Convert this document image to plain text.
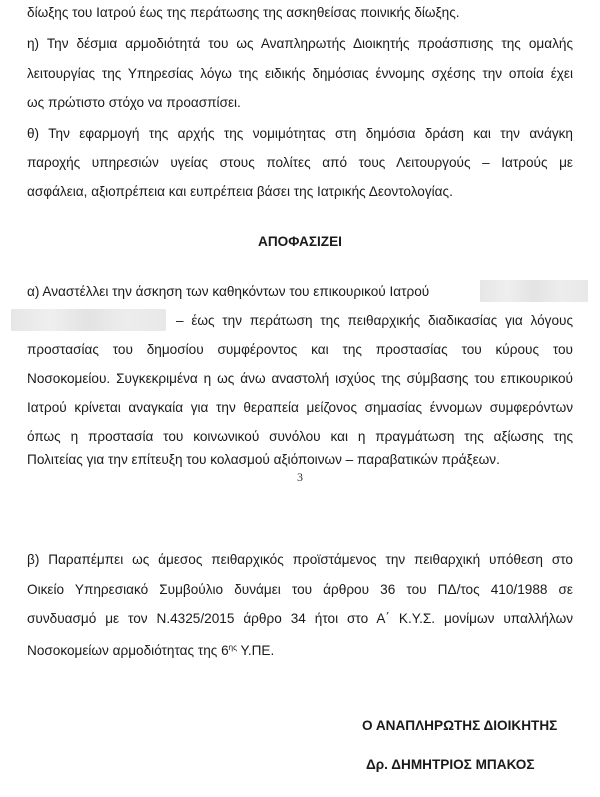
δίωξης του Ιατρού έως της περάτωσης της ασκηθείσας ποινικής δίωξης.
η) Την δέσμια αρμοδιότητά του ως Αναπληρωτής Διοικητής προάσπισης της ομαλής
λειτουργίας της Υπηρεσίας λόγω της ειδικής δημόσιας έννομης σχέσης την οποία έχει
ως πρώτιστο στόχο να προασπίσει.
θ) Την εφαρμογή της αρχής της νομιμότητας στη δημόσια δράση και την ανάγκη
παροχής υπηρεσιών υγείας στους πολίτες από τους Λειτουργούς – Ιατρούς με
ασφάλεια, αξιοπρέπεια και ευπρέπεια βάσει της Ιατρικής Δεοντολογίας.
ΑΠΟΦΑΣΙΖΕΙ
α) Αναστέλλει την άσκηση των καθηκόντων του επικουρικού Ιατρού
– έως την περάτωση της πειθαρχικής διαδικασίας για λόγους
προστασίας του δημοσίου συμφέροντος και της προστασίας του κύρους του
Νοσοκομείου. Συγκεκριμένα η ως άνω αναστολή ισχύος της σύμβασης του επικουρικού
Ιατρού κρίνεται αναγκαία για την θεραπεία μείζονος σημασίας έννομων συμφερόντων
όπως η προστασία του κοινωνικού συνόλου και η πραγμάτωση της αξίωσης της
Πολιτείας για την επίτευξη του κολασμού αξιόποινων – παραβατικών πράξεων.
3
β) Παραπέμπει ως άμεσος πειθαρχικός προϊστάμενος την πειθαρχική υπόθεση στο
Οικείο Υπηρεσιακό Συμβούλιο δυνάμει του άρθρου 36 του ΠΔ/τος 410/1988 σε
συνδυασμό με τον Ν.4325/2015 άρθρο 34 ήτοι στο Α΄ Κ.Υ.Σ. μονίμων υπαλλήλων
Νοσοκομείων αρμοδιότητας της $6^{\eta\varsigma}$ Υ.ΠΕ.
Ο ΑΝΑΠΛΗΡΩΤΗΣ ΔΙΟΙΚΗΤΗΣ
Δρ. ΔΗΜΗΤΡΙΟΣ ΜΠΑΚΟΣ
